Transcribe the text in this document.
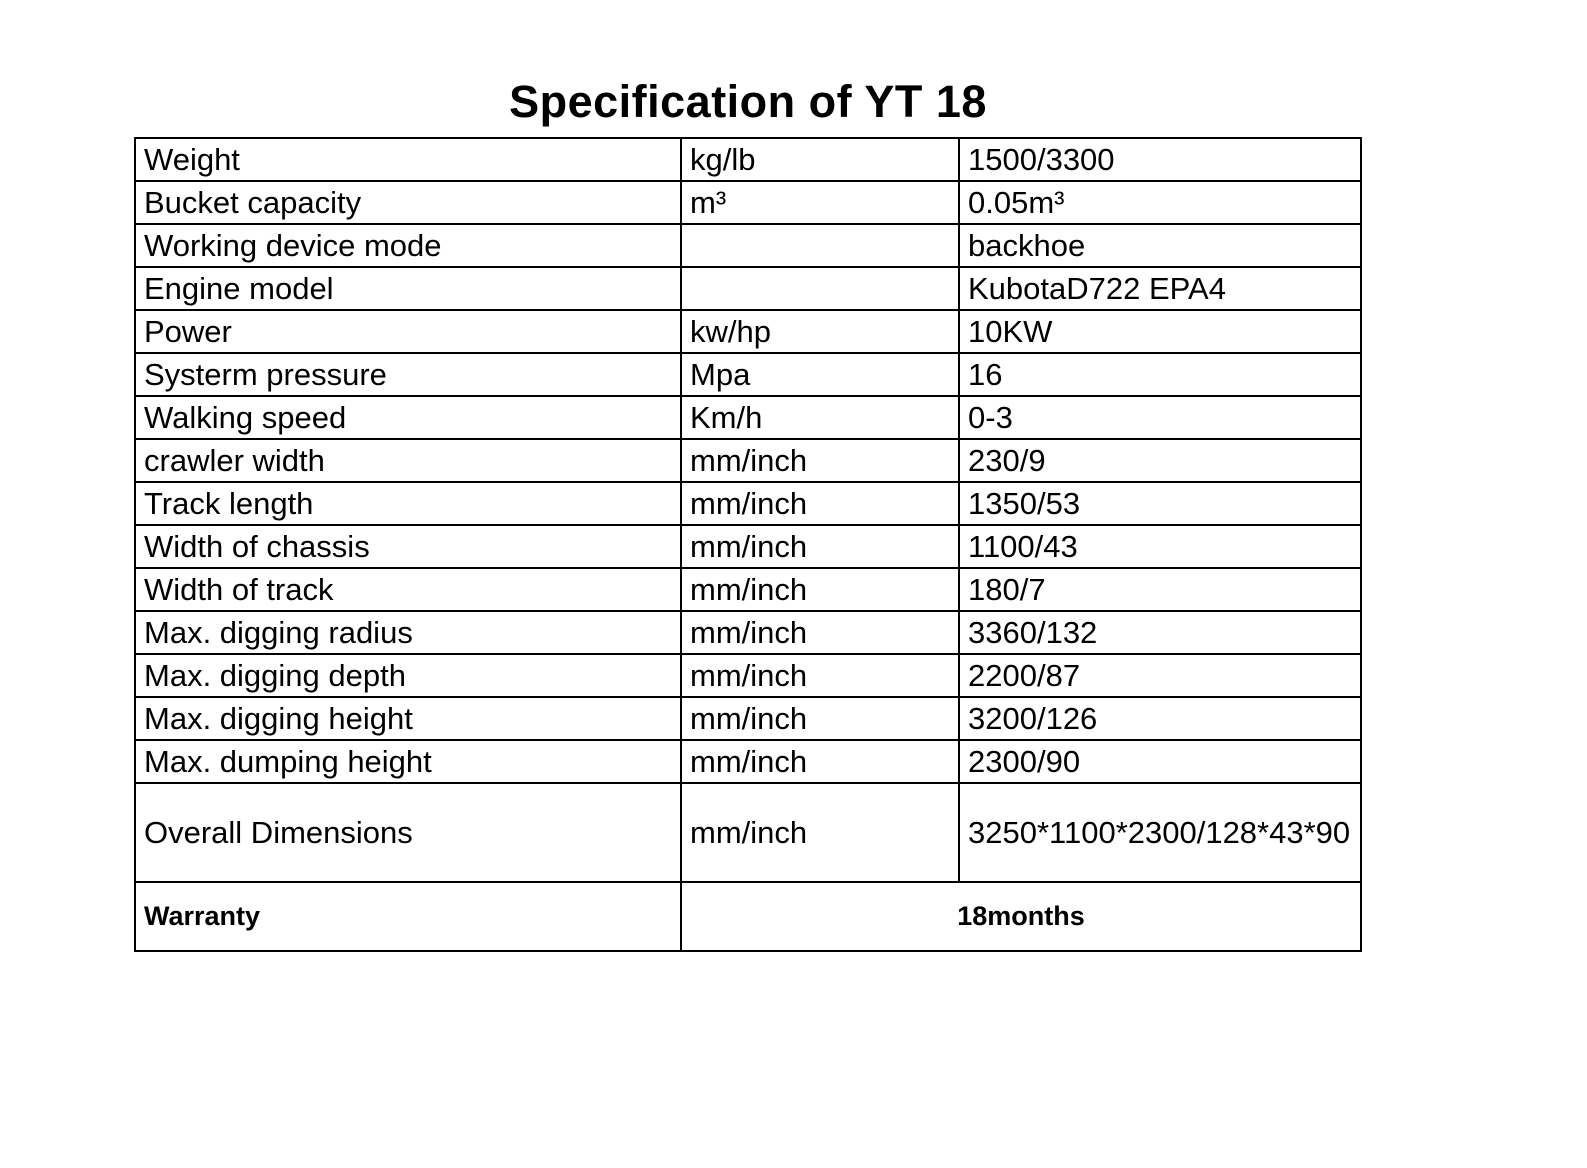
Specification of YT 18
Weight	kg/lb	1500/3300
Bucket capacity	m³	0.05m³
Working device mode		backhoe
Engine model		KubotaD722 EPA4
Power	kw/hp	10KW
Systerm pressure	Mpa	16
Walking speed	Km/h	0-3
crawler width	mm/inch	230/9
Track length	mm/inch	1350/53
Width of chassis	mm/inch	1100/43
Width of track	mm/inch	180/7
Max. digging radius	mm/inch	3360/132
Max. digging depth	mm/inch	2200/87
Max. digging height	mm/inch	3200/126
Max. dumping height	mm/inch	2300/90
Overall Dimensions	mm/inch	3250*1100*2300/128*43*90
Warranty	18months	
